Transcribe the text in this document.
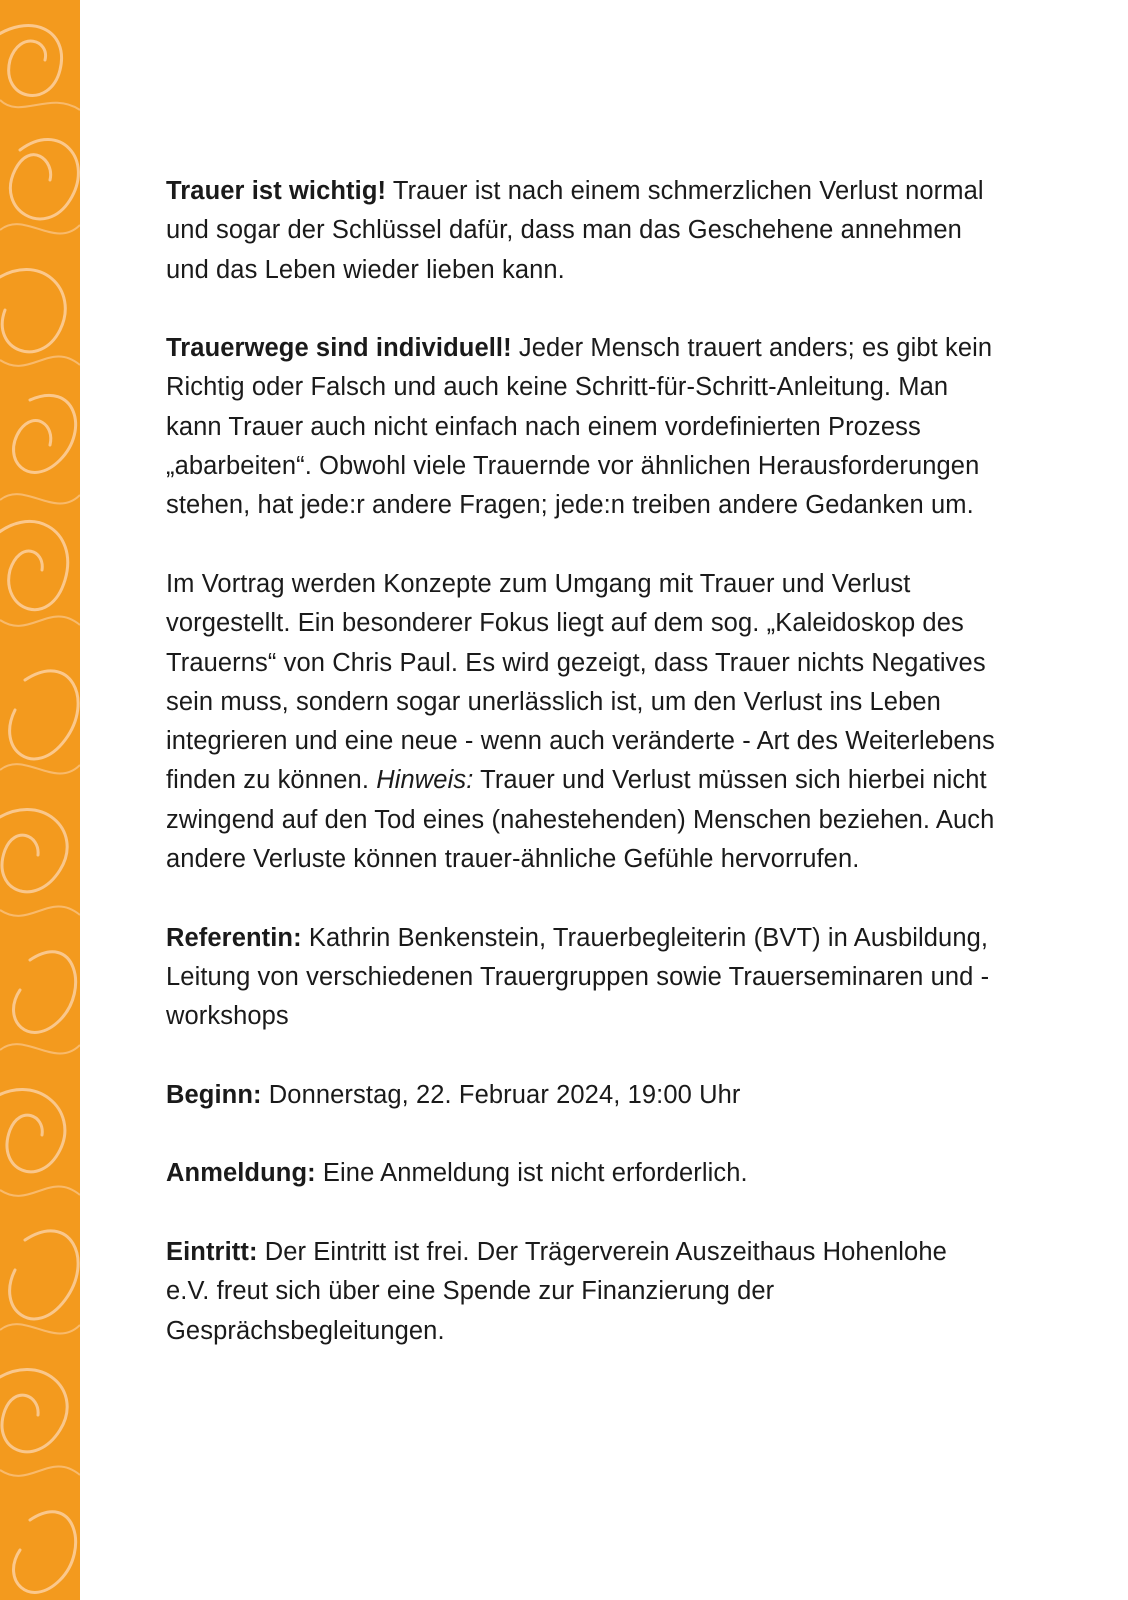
Trauer ist wichtig! Trauer ist nach einem schmerzlichen Verlust normal und sogar der Schlüssel dafür, dass man das Geschehene annehmen und das Leben wieder lieben kann.

Trauerwege sind individuell! Jeder Mensch trauert anders; es gibt kein Richtig oder Falsch und auch keine Schritt-für-Schritt-Anleitung. Man kann Trauer auch nicht einfach nach einem vordefinierten Prozess „abarbeiten“. Obwohl viele Trauernde vor ähnlichen Herausforderungen stehen, hat jede:r andere Fragen; jede:n treiben andere Gedanken um.

Im Vortrag werden Konzepte zum Umgang mit Trauer und Verlust vorgestellt. Ein besonderer Fokus liegt auf dem sog. „Kaleidoskop des Trauerns“ von Chris Paul. Es wird gezeigt, dass Trauer nichts Negatives sein muss, sondern sogar unerlässlich ist, um den Verlust ins Leben integrieren und eine neue - wenn auch veränderte - Art des Weiterlebens finden zu können. Hinweis: Trauer und Verlust müssen sich hierbei nicht zwingend auf den Tod eines (nahestehenden) Menschen beziehen. Auch andere Verluste können trauer-ähnliche Gefühle hervorrufen.

Referentin: Kathrin Benkenstein, Trauerbegleiterin (BVT) in Ausbildung, Leitung von verschiedenen Trauergruppen sowie Trauerseminaren und -workshops

Beginn: Donnerstag, 22. Februar 2024, 19:00 Uhr

Anmeldung: Eine Anmeldung ist nicht erforderlich.

Eintritt: Der Eintritt ist frei. Der Trägerverein Auszeithaus Hohenlohe e.V. freut sich über eine Spende zur Finanzierung der Gesprächsbegleitungen.
